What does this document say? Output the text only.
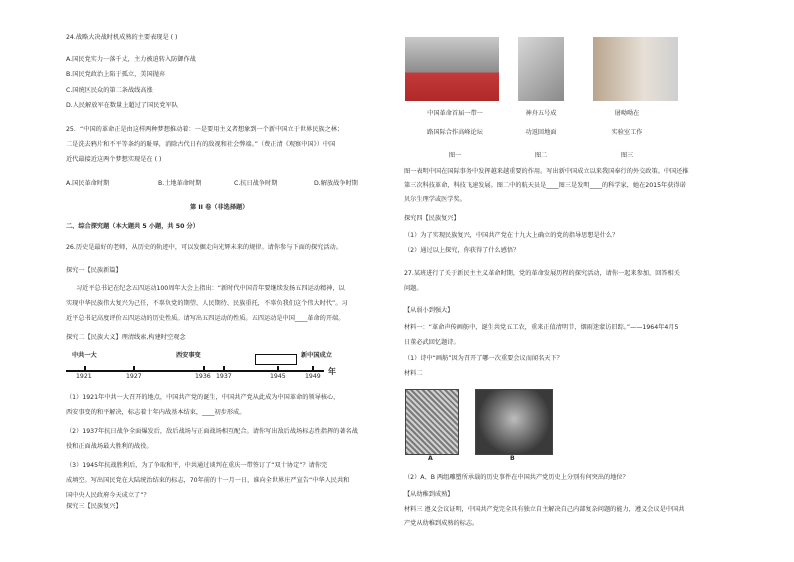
24.战略大决战时机成熟的主要表现是 ( )
A.国民党实力一落千丈，主力被迫转入防御作战
B.国民党政治上陷于孤立，美国抛弃
C.国统区民众的第二条战线高涨
D.人民解放军在数量上超过了国民党军队
25．“中国的革命正是由这样两种梦想推动着：一是要用主义者想象到一个新中国立于世界民族之林；
二是洗去鸦片和不平等条约的耻辱，消除古代日有的敌视和社会弊端。”（费正清《观察中国》）中国
近代最接近这两个梦想实现是在 ( )
A.国民革命时期	B.土地革命时期	C.抗日战争时期	D.解放战争时期
第 II 卷（非选择题）
二、综合探究题（本大题共 5 小题，共 50 分）
26.历史是最好的老师，从历史的轨迹中，可以发掘走向光辉未来的规律。请你参与下面的探究活动。
探究一【民族新篇】
习近平总书记在纪念五四运动100周年大会上指出：“新时代中国青年要继续发扬五四运动精神，以
实现中华民族伟大复兴为己任，不辜负党的期望、人民期待、民族重托，不辜负我们这个伟大时代”。习
近平总书记高度评价五四运动的历史性质。请写出五四运动的性质。五四运动是中国____革命的开端。
探究二【民族大义】理清线索,构建时空观念
中共一大	西安事变	新中国成立
1921	1927	1936 1937	1945	1949
年
（1）1921年中共一大召开的地点，中国共产党的诞生，中国共产党从此成为中国革命的领导核心，
西安事变的和平解决，标志着十年内战基本结束，____初步形成。
（2）1937年抗日战争全面爆发后，敌后战场与正面战场相互配合。请你写出敌后战场标志性指挥的著名战
役和正面战场最大胜利的战役。
（3）1945年抗战胜利后，为了争取和平，中共通过谈判在重庆一带签订了“双十协定”？请你完
成填空。写出国民党在大陆统治结束的标志，70年前的十一月一日，谁向全世界庄严宣告“中华人民共和
国中央人民政府今天成立了”？
探究三【民族复兴】
中国革命首届一带一
路国际合作高峰论坛
图一
神舟五号成
功返回地面
图二
屠呦呦在
实验室工作
图三
图一表明中国在国际事务中发挥越来越重要的作用。写出新中国成立以来我国奉行的外交政策。中国还推
第三次科技革命，科技飞速发展。图二中的航天员是____图三是发明____的科学家，她在2015年获得诺
贝尔生理学或医学奖。
探究四【民族复兴】
（1）为了实现民族复兴，中国共产党在十九大上确立的党的指导思想是什么？
（2）通过以上探究，你获得了什么感悟？
27.某班进行了关于新民主主义革命时期，党的革命发展历程的探究活动，请你一起来参加，回答相关
问题。
【从弱小到强大】
材料一：“革命声传画舫中，诞生共党五工农，重来正值清明节，烟雨迷蒙访旧踪。”——1964年4月5
日董必武回忆题诗。
（1）诗中“画舫”因为召开了哪一次重要会议而闻名天下？
材料二
A	B
（2）A、B 两组雕塑所承载的历史事件在中国共产党历史上分别有何突出的地位？
【从幼稚到成熟】
材料三 遵义会议证明，中国共产党完全具有独立自主解决自己内部复杂问题的能力，遵义会议是中国共
产党从幼稚到成熟的标志。
